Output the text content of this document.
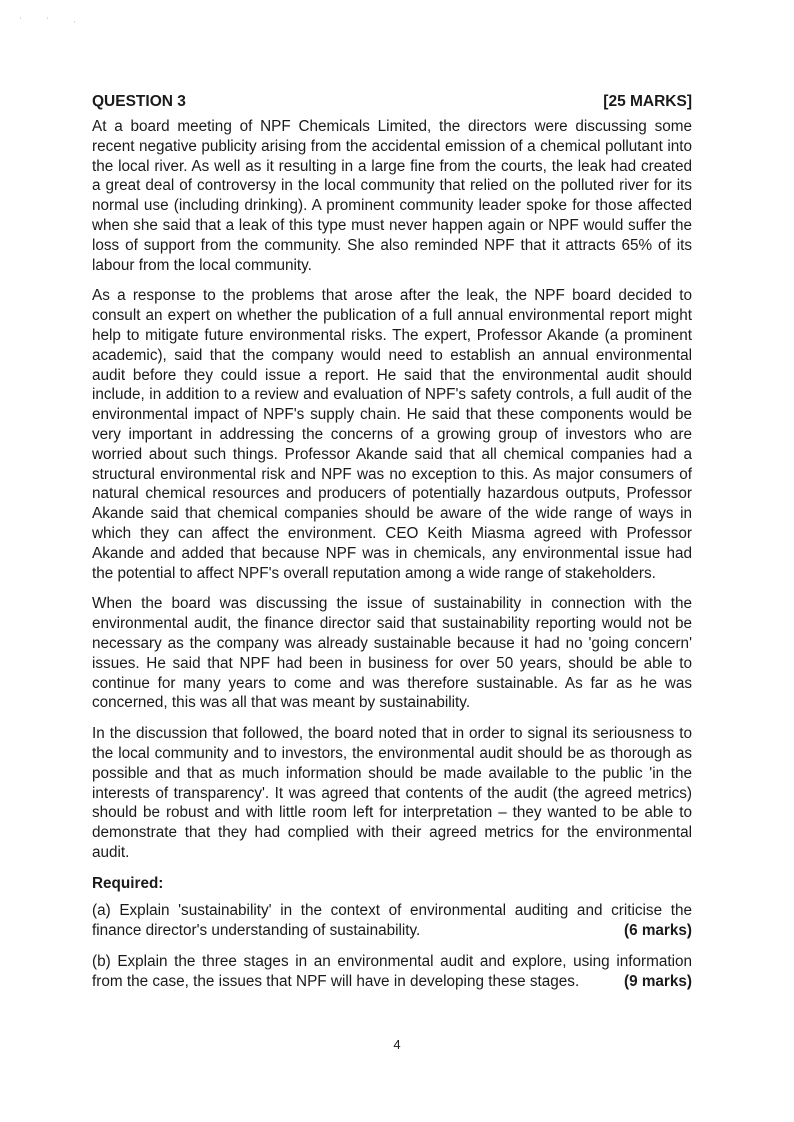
' ' ,
QUESTION 3	[25 MARKS]

At a board meeting of NPF Chemicals Limited, the directors were discussing some recent negative publicity arising from the accidental emission of a chemical pollutant into the local river. As well as it resulting in a large fine from the courts, the leak had created a great deal of controversy in the local community that relied on the polluted river for its normal use (including drinking). A prominent community leader spoke for those affected when she said that a leak of this type must never happen again or NPF would suffer the loss of support from the community. She also reminded NPF that it attracts 65% of its labour from the local community.

As a response to the problems that arose after the leak, the NPF board decided to consult an expert on whether the publication of a full annual environmental report might help to mitigate future environmental risks. The expert, Professor Akande (a prominent academic), said that the company would need to establish an annual environmental audit before they could issue a report. He said that the environmental audit should include, in addition to a review and evaluation of NPF's safety controls, a full audit of the environmental impact of NPF's supply chain. He said that these components would be very important in addressing the concerns of a growing group of investors who are worried about such things. Professor Akande said that all chemical companies had a structural environmental risk and NPF was no exception to this. As major consumers of natural chemical resources and producers of potentially hazardous outputs, Professor Akande said that chemical companies should be aware of the wide range of ways in which they can affect the environment. CEO Keith Miasma agreed with Professor Akande and added that because NPF was in chemicals, any environmental issue had the potential to affect NPF's overall reputation among a wide range of stakeholders.

When the board was discussing the issue of sustainability in connection with the environmental audit, the finance director said that sustainability reporting would not be necessary as the company was already sustainable because it had no 'going concern' issues. He said that NPF had been in business for over 50 years, should be able to continue for many years to come and was therefore sustainable. As far as he was concerned, this was all that was meant by sustainability.

In the discussion that followed, the board noted that in order to signal its seriousness to the local community and to investors, the environmental audit should be as thorough as possible and that as much information should be made available to the public 'in the interests of transparency'. It was agreed that contents of the audit (the agreed metrics) should be robust and with little room left for interpretation – they wanted to be able to demonstrate that they had complied with their agreed metrics for the environmental audit.

Required:

(a) Explain 'sustainability' in the context of environmental auditing and criticise the finance director's understanding of sustainability.	(6 marks)

(b) Explain the three stages in an environmental audit and explore, using information from the case, the issues that NPF will have in developing these stages.	(9 marks)

4
